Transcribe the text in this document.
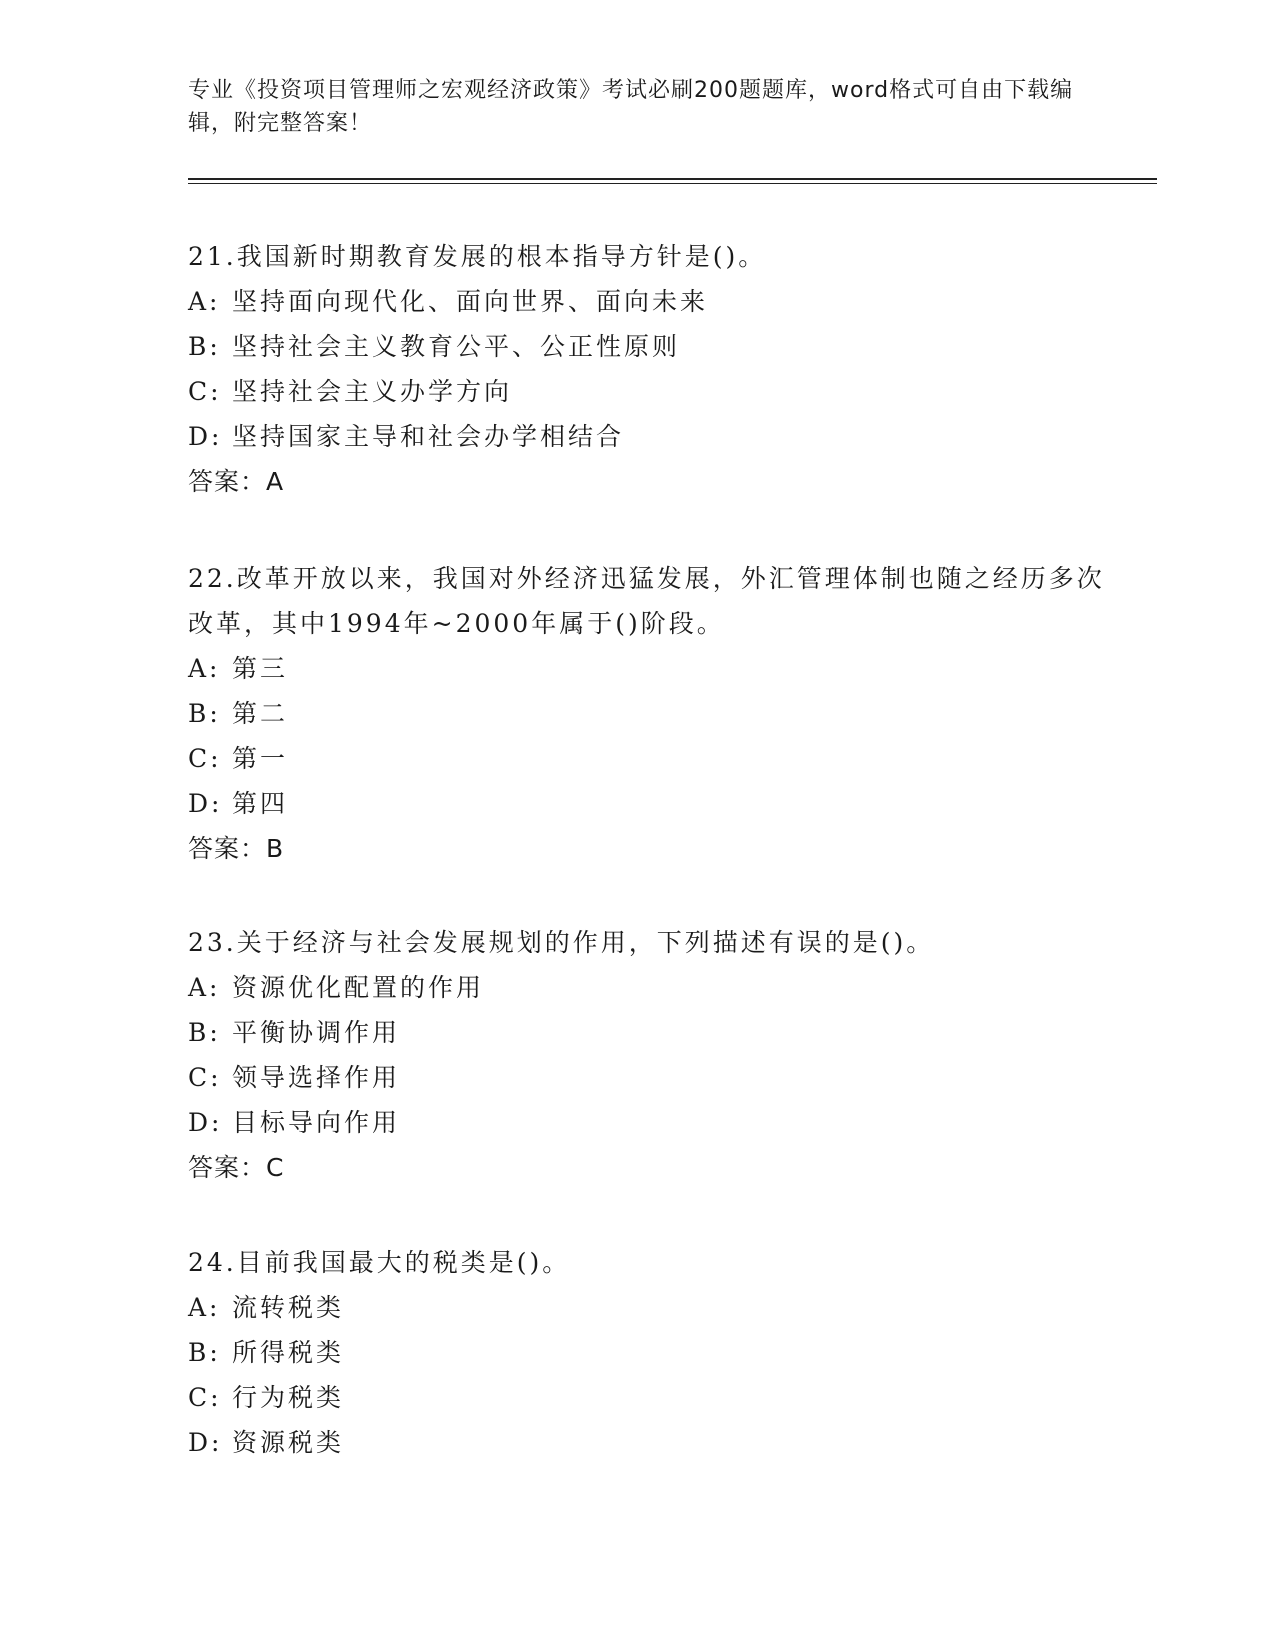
专业《投资项目管理师之宏观经济政策》考试必刷200题题库，word格式可自由下载编辑，附完整答案！

21.我国新时期教育发展的根本指导方针是()。

A: 坚持面向现代化、面向世界、面向未来

B: 坚持社会主义教育公平、公正性原则

C: 坚持社会主义办学方向

D: 坚持国家主导和社会办学相结合

答案：A

22.改革开放以来，我国对外经济迅猛发展，外汇管理体制也随之经历多次改革，其中1994年~2000年属于()阶段。

A: 第三

B: 第二

C: 第一

D: 第四

答案：B

23.关于经济与社会发展规划的作用，下列描述有误的是()。

A: 资源优化配置的作用

B: 平衡协调作用

C: 领导选择作用

D: 目标导向作用

答案：C

24.目前我国最大的税类是()。

A: 流转税类

B: 所得税类

C: 行为税类

D: 资源税类
